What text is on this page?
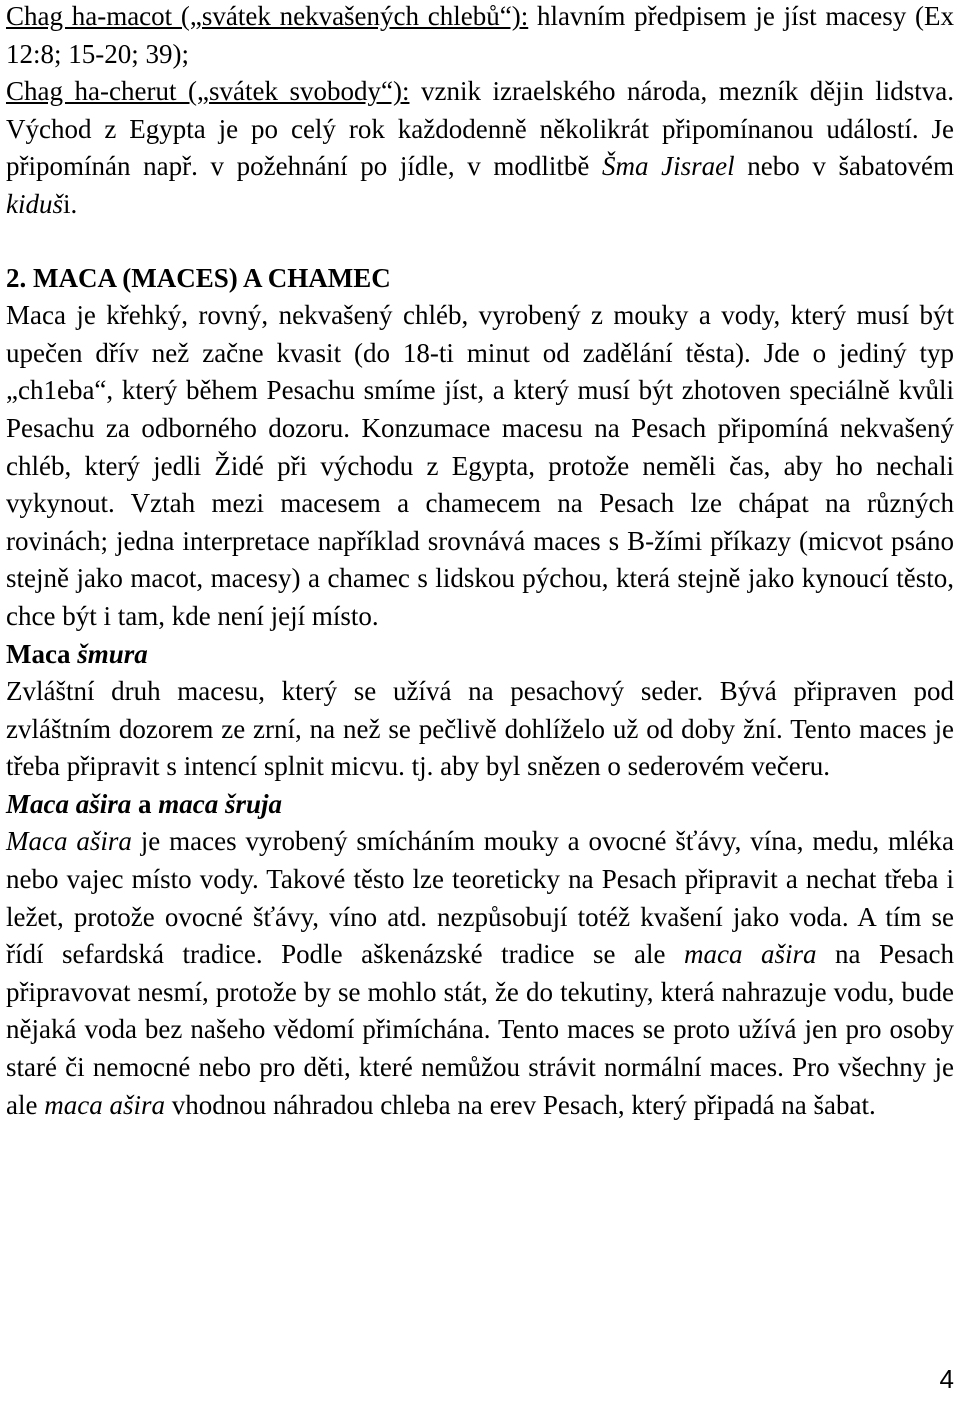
Chag ha-macot („svátek nekvašených chlebů“): hlavním předpisem je jíst macesy (Ex 12:8; 15-20; 39);
Chag ha-cherut („svátek svobody“): vznik izraelského národa, mezník dějin lidstva. Východ z Egypta je po celý rok každodenně několikrát připomínanou událostí. Je připomínán např. v požehnání po jídle, v modlitbě Šma Jisrael nebo v šabatovém kiduši.

2. MACA (MACES) A CHAMEC

Maca je křehký, rovný, nekvašený chléb, vyrobený z mouky a vody, který musí být upečen dřív než začne kvasit (do 18-ti minut od zadělání těsta). Jde o jediný typ „ch1eba“, který během Pesachu smíme jíst, a který musí být zhotoven speciálně kvůli Pesachu za odborného dozoru. Konzumace macesu na Pesach připomíná nekvašený chléb, který jedli Židé při východu z Egypta, protože neměli čas, aby ho nechali vykynout. Vztah mezi macesem a chamecem na Pesach lze chápat na různých rovinách; jedna interpretace například srovnává maces s B-žími příkazy (micvot psáno stejně jako macot, macesy) a chamec s lidskou pýchou, která stejně jako kynoucí těsto, chce být i tam, kde není její místo.

Maca šmura

Zvláštní druh macesu, který se užívá na pesachový seder. Bývá připraven pod zvláštním dozorem ze zrní, na než se pečlivě dohlíželo už od doby žní. Tento maces je třeba připravit s intencí splnit micvu. tj. aby byl snězen o sederovém večeru.

Maca ašira a maca šruja

Maca ašira je maces vyrobený smícháním mouky a ovocné šťávy, vína, medu, mléka nebo vajec místo vody. Takové těsto lze teoreticky na Pesach připravit a nechat třeba i ležet, protože ovocné šťávy, víno atd. nezpůsobují totéž kvašení jako voda. A tím se řídí sefardská tradice. Podle aškenázské tradice se ale maca ašira na Pesach připravovat nesmí, protože by se mohlo stát, že do tekutiny, která nahrazuje vodu, bude nějaká voda bez našeho vědomí přimíchána. Tento maces se proto užívá jen pro osoby staré či nemocné nebo pro děti, které nemůžou strávit normální maces. Pro všechny je ale maca ašira vhodnou náhradou chleba na erev Pesach, který připadá na šabat.

4
